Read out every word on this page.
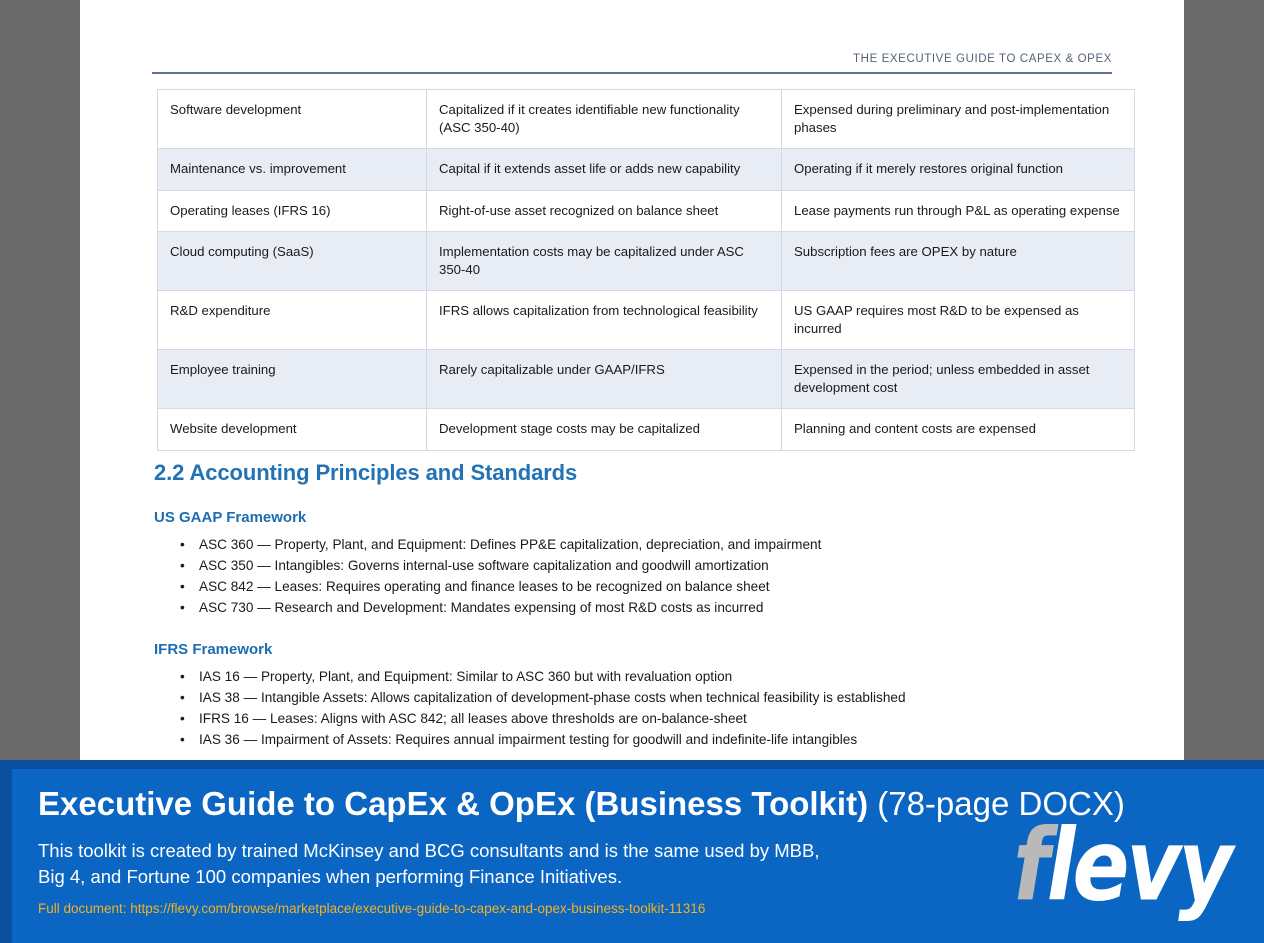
THE EXECUTIVE GUIDE TO CAPEX & OPEX
Software development	Capitalized if it creates identifiable new functionality (ASC 350-40)	Expensed during preliminary and post-implementation phases
Maintenance vs. improvement	Capital if it extends asset life or adds new capability	Operating if it merely restores original function
Operating leases (IFRS 16)	Right-of-use asset recognized on balance sheet	Lease payments run through P&L as operating expense
Cloud computing (SaaS)	Implementation costs may be capitalized under ASC 350-40	Subscription fees are OPEX by nature
R&D expenditure	IFRS allows capitalization from technological feasibility	US GAAP requires most R&D to be expensed as incurred
Employee training	Rarely capitalizable under GAAP/IFRS	Expensed in the period; unless embedded in asset development cost
Website development	Development stage costs may be capitalized	Planning and content costs are expensed
2.2 Accounting Principles and Standards
US GAAP Framework
• ASC 360 — Property, Plant, and Equipment: Defines PP&E capitalization, depreciation, and impairment
• ASC 350 — Intangibles: Governs internal-use software capitalization and goodwill amortization
• ASC 842 — Leases: Requires operating and finance leases to be recognized on balance sheet
• ASC 730 — Research and Development: Mandates expensing of most R&D costs as incurred
IFRS Framework
• IAS 16 — Property, Plant, and Equipment: Similar to ASC 360 but with revaluation option
• IAS 38 — Intangible Assets: Allows capitalization of development-phase costs when technical feasibility is established
• IFRS 16 — Leases: Aligns with ASC 842; all leases above thresholds are on-balance-sheet
• IAS 36 — Impairment of Assets: Requires annual impairment testing for goodwill and indefinite-life intangibles
Executive Guide to CapEx & OpEx (Business Toolkit) (78-page DOCX)
This toolkit is created by trained McKinsey and BCG consultants and is the same used by MBB,
Big 4, and Fortune 100 companies when performing Finance Initiatives.
Full document: https://flevy.com/browse/marketplace/executive-guide-to-capex-and-opex-business-toolkit-11316	flevy
